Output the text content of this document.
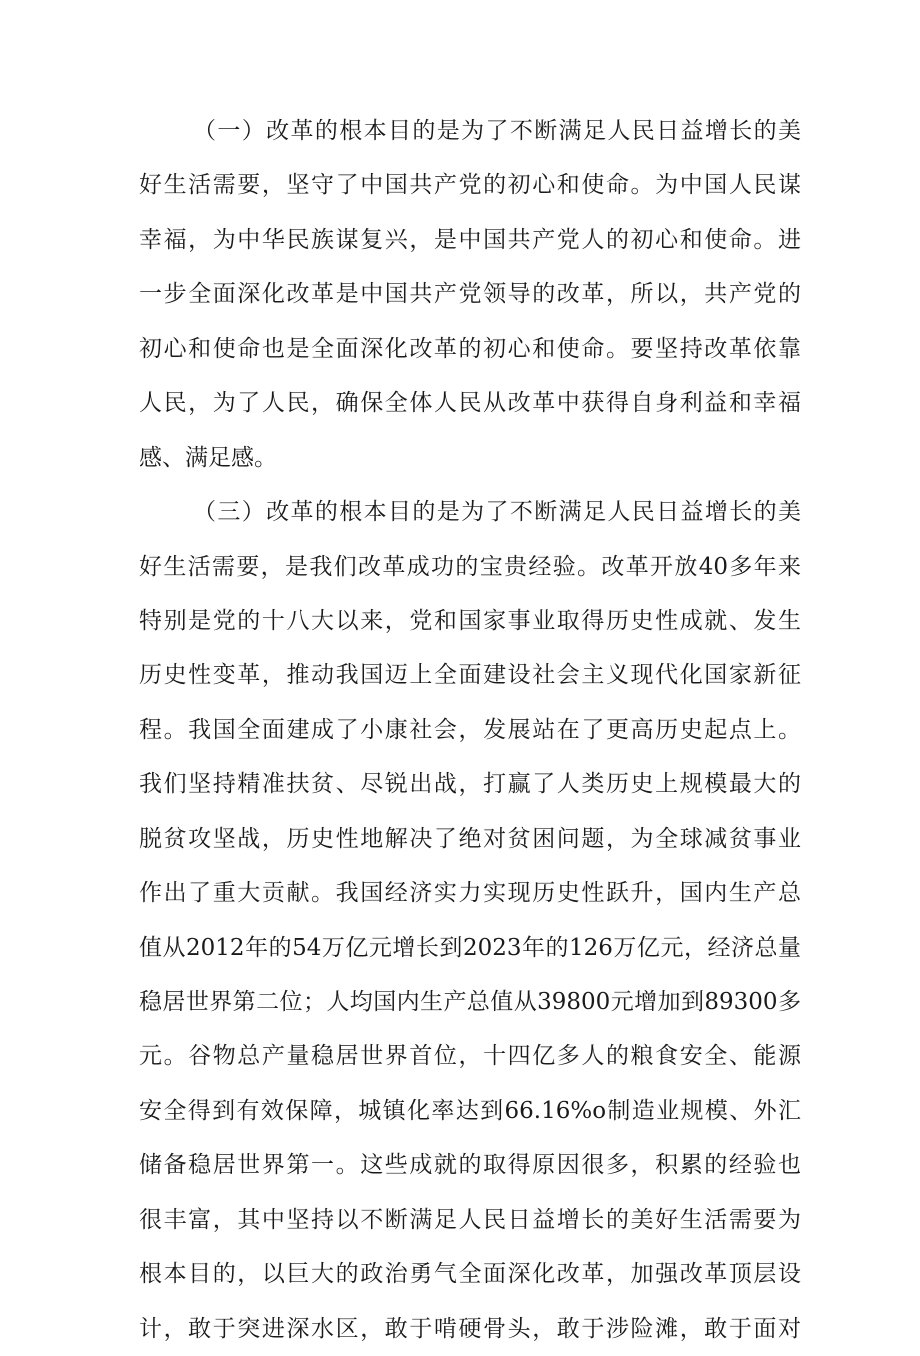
（一）改革的根本目的是为了不断满足人民日益增长的美
好生活需要，坚守了中国共产党的初心和使命。为中国人民谋
幸福，为中华民族谋复兴，是中国共产党人的初心和使命。进
一步全面深化改革是中国共产党领导的改革，所以，共产党的
初心和使命也是全面深化改革的初心和使命。要坚持改革依靠
人民，为了人民，确保全体人民从改革中获得自身利益和幸福
感、满足感。
（三）改革的根本目的是为了不断满足人民日益增长的美
好生活需要，是我们改革成功的宝贵经验。改革开放40多年来
特别是党的十八大以来，党和国家事业取得历史性成就、发生
历史性变革，推动我国迈上全面建设社会主义现代化国家新征
程。我国全面建成了小康社会，发展站在了更高历史起点上。
我们坚持精准扶贫、尽锐出战，打赢了人类历史上规模最大的
脱贫攻坚战，历史性地解决了绝对贫困问题，为全球减贫事业
作出了重大贡献。我国经济实力实现历史性跃升，国内生产总
值从2012年的54万亿元增长到2023年的126万亿元，经济总量
稳居世界第二位；人均国内生产总值从39800元增加到89300多
元。谷物总产量稳居世界首位，十四亿多人的粮食安全、能源
安全得到有效保障，城镇化率达到66.16%o制造业规模、外汇
储备稳居世界第一。这些成就的取得原因很多，积累的经验也
很丰富，其中坚持以不断满足人民日益增长的美好生活需要为
根本目的，以巨大的政治勇气全面深化改革，加强改革顶层设
计，敢于突进深水区，敢于啃硬骨头，敢于涉险滩，敢于面对
